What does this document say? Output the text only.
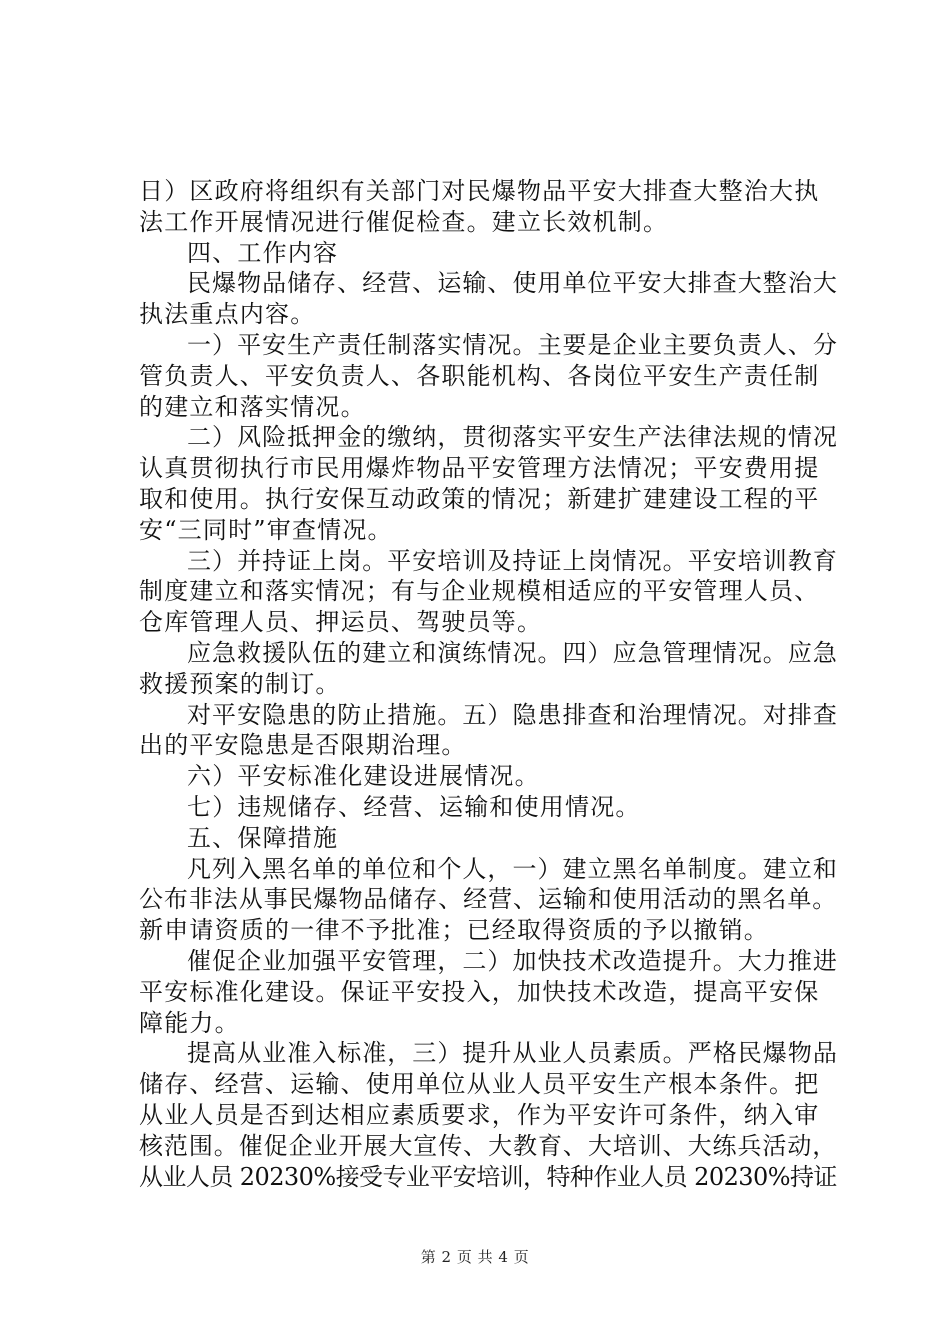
日）区政府将组织有关部门对民爆物品平安大排查大整治大执
法工作开展情况进行催促检查。建立长效机制。
四、工作内容
民爆物品储存、经营、运输、使用单位平安大排查大整治大
执法重点内容。
一）平安生产责任制落实情况。主要是企业主要负责人、分
管负责人、平安负责人、各职能机构、各岗位平安生产责任制
的建立和落实情况。
二）风险抵押金的缴纳，贯彻落实平安生产法律法规的情况
认真贯彻执行市民用爆炸物品平安管理方法情况；平安费用提
取和使用。执行安保互动政策的情况；新建扩建建设工程的平
安“三同时”审查情况。
三）并持证上岗。平安培训及持证上岗情况。平安培训教育
制度建立和落实情况；有与企业规模相适应的平安管理人员、
仓库管理人员、押运员、驾驶员等。
应急救援队伍的建立和演练情况。四）应急管理情况。应急
救援预案的制订。
对平安隐患的防止措施。五）隐患排查和治理情况。对排查
出的平安隐患是否限期治理。
六）平安标准化建设进展情况。
七）违规储存、经营、运输和使用情况。
五、保障措施
凡列入黑名单的单位和个人，一）建立黑名单制度。建立和
公布非法从事民爆物品储存、经营、运输和使用活动的黑名单。
新申请资质的一律不予批准；已经取得资质的予以撤销。
催促企业加强平安管理，二）加快技术改造提升。大力推进
平安标准化建设。保证平安投入，加快技术改造，提高平安保
障能力。
提高从业准入标准，三）提升从业人员素质。严格民爆物品
储存、经营、运输、使用单位从业人员平安生产根本条件。把
从业人员是否到达相应素质要求，作为平安许可条件，纳入审
核范围。催促企业开展大宣传、大教育、大培训、大练兵活动，
从业人员 20230%接受专业平安培训，特种作业人员 20230%持证
第 2 页 共 4 页
